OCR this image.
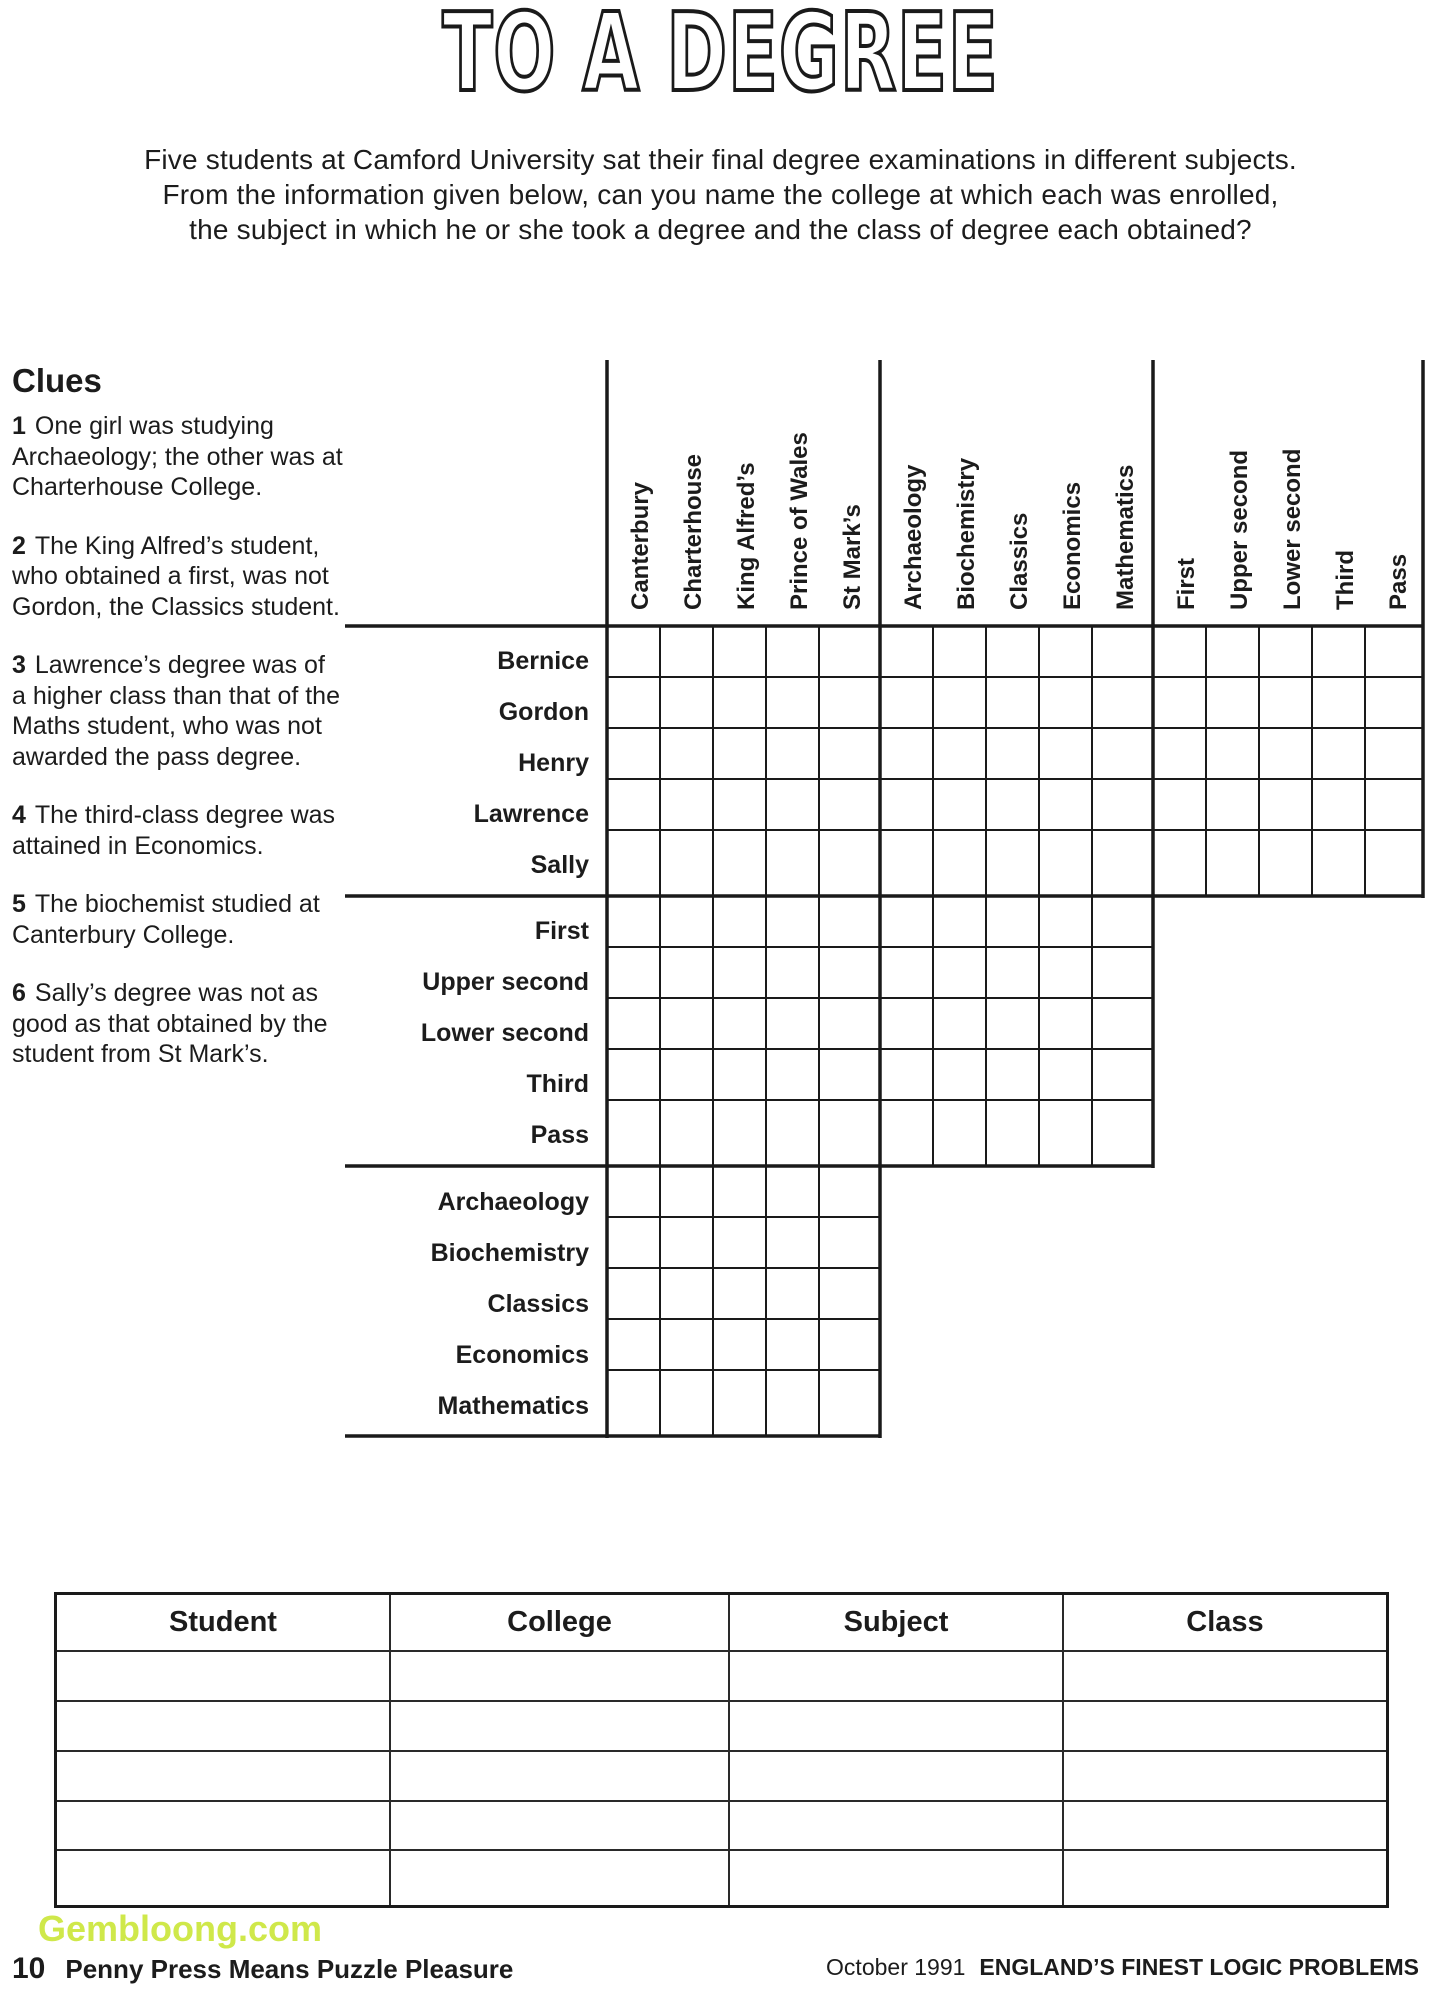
TO A DEGREE

Five students at Camford University sat their final degree examinations in different subjects.

From the information given below, can you name the college at which each was enrolled,

the subject in which he or she took a degree and the class of degree each obtained?

Clues
1 One girl was studying Archaeology; the other was at Charterhouse College.
2 The King Alfred’s student, who obtained a first, was not Gordon, the Classics student.
3 Lawrence’s degree was of a higher class than that of the Maths student, who was not awarded the pass degree.
4 The third-class degree was attained in Economics.
5 The biochemist studied at Canterbury College.
6 Sally’s degree was not as good as that obtained by the student from St Mark’s.
Canterbury	Charterhouse	King Alfred’s	Prince of Wales	St Mark’s	Archaeology	Biochemistry	Classics	Economics	Mathematics	First	Upper second	Lower second	Third	Pass
Bernice
Gordon
Henry
Lawrence
Sally
First
Upper second
Lower second
Third
Pass
Archaeology
Biochemistry
Classics
Economics
Mathematics
Student	College	Subject	Class

Gembloong.com
10 Penny Press Means Puzzle Pleasure	October 1991 ENGLAND’S FINEST LOGIC PROBLEMS
